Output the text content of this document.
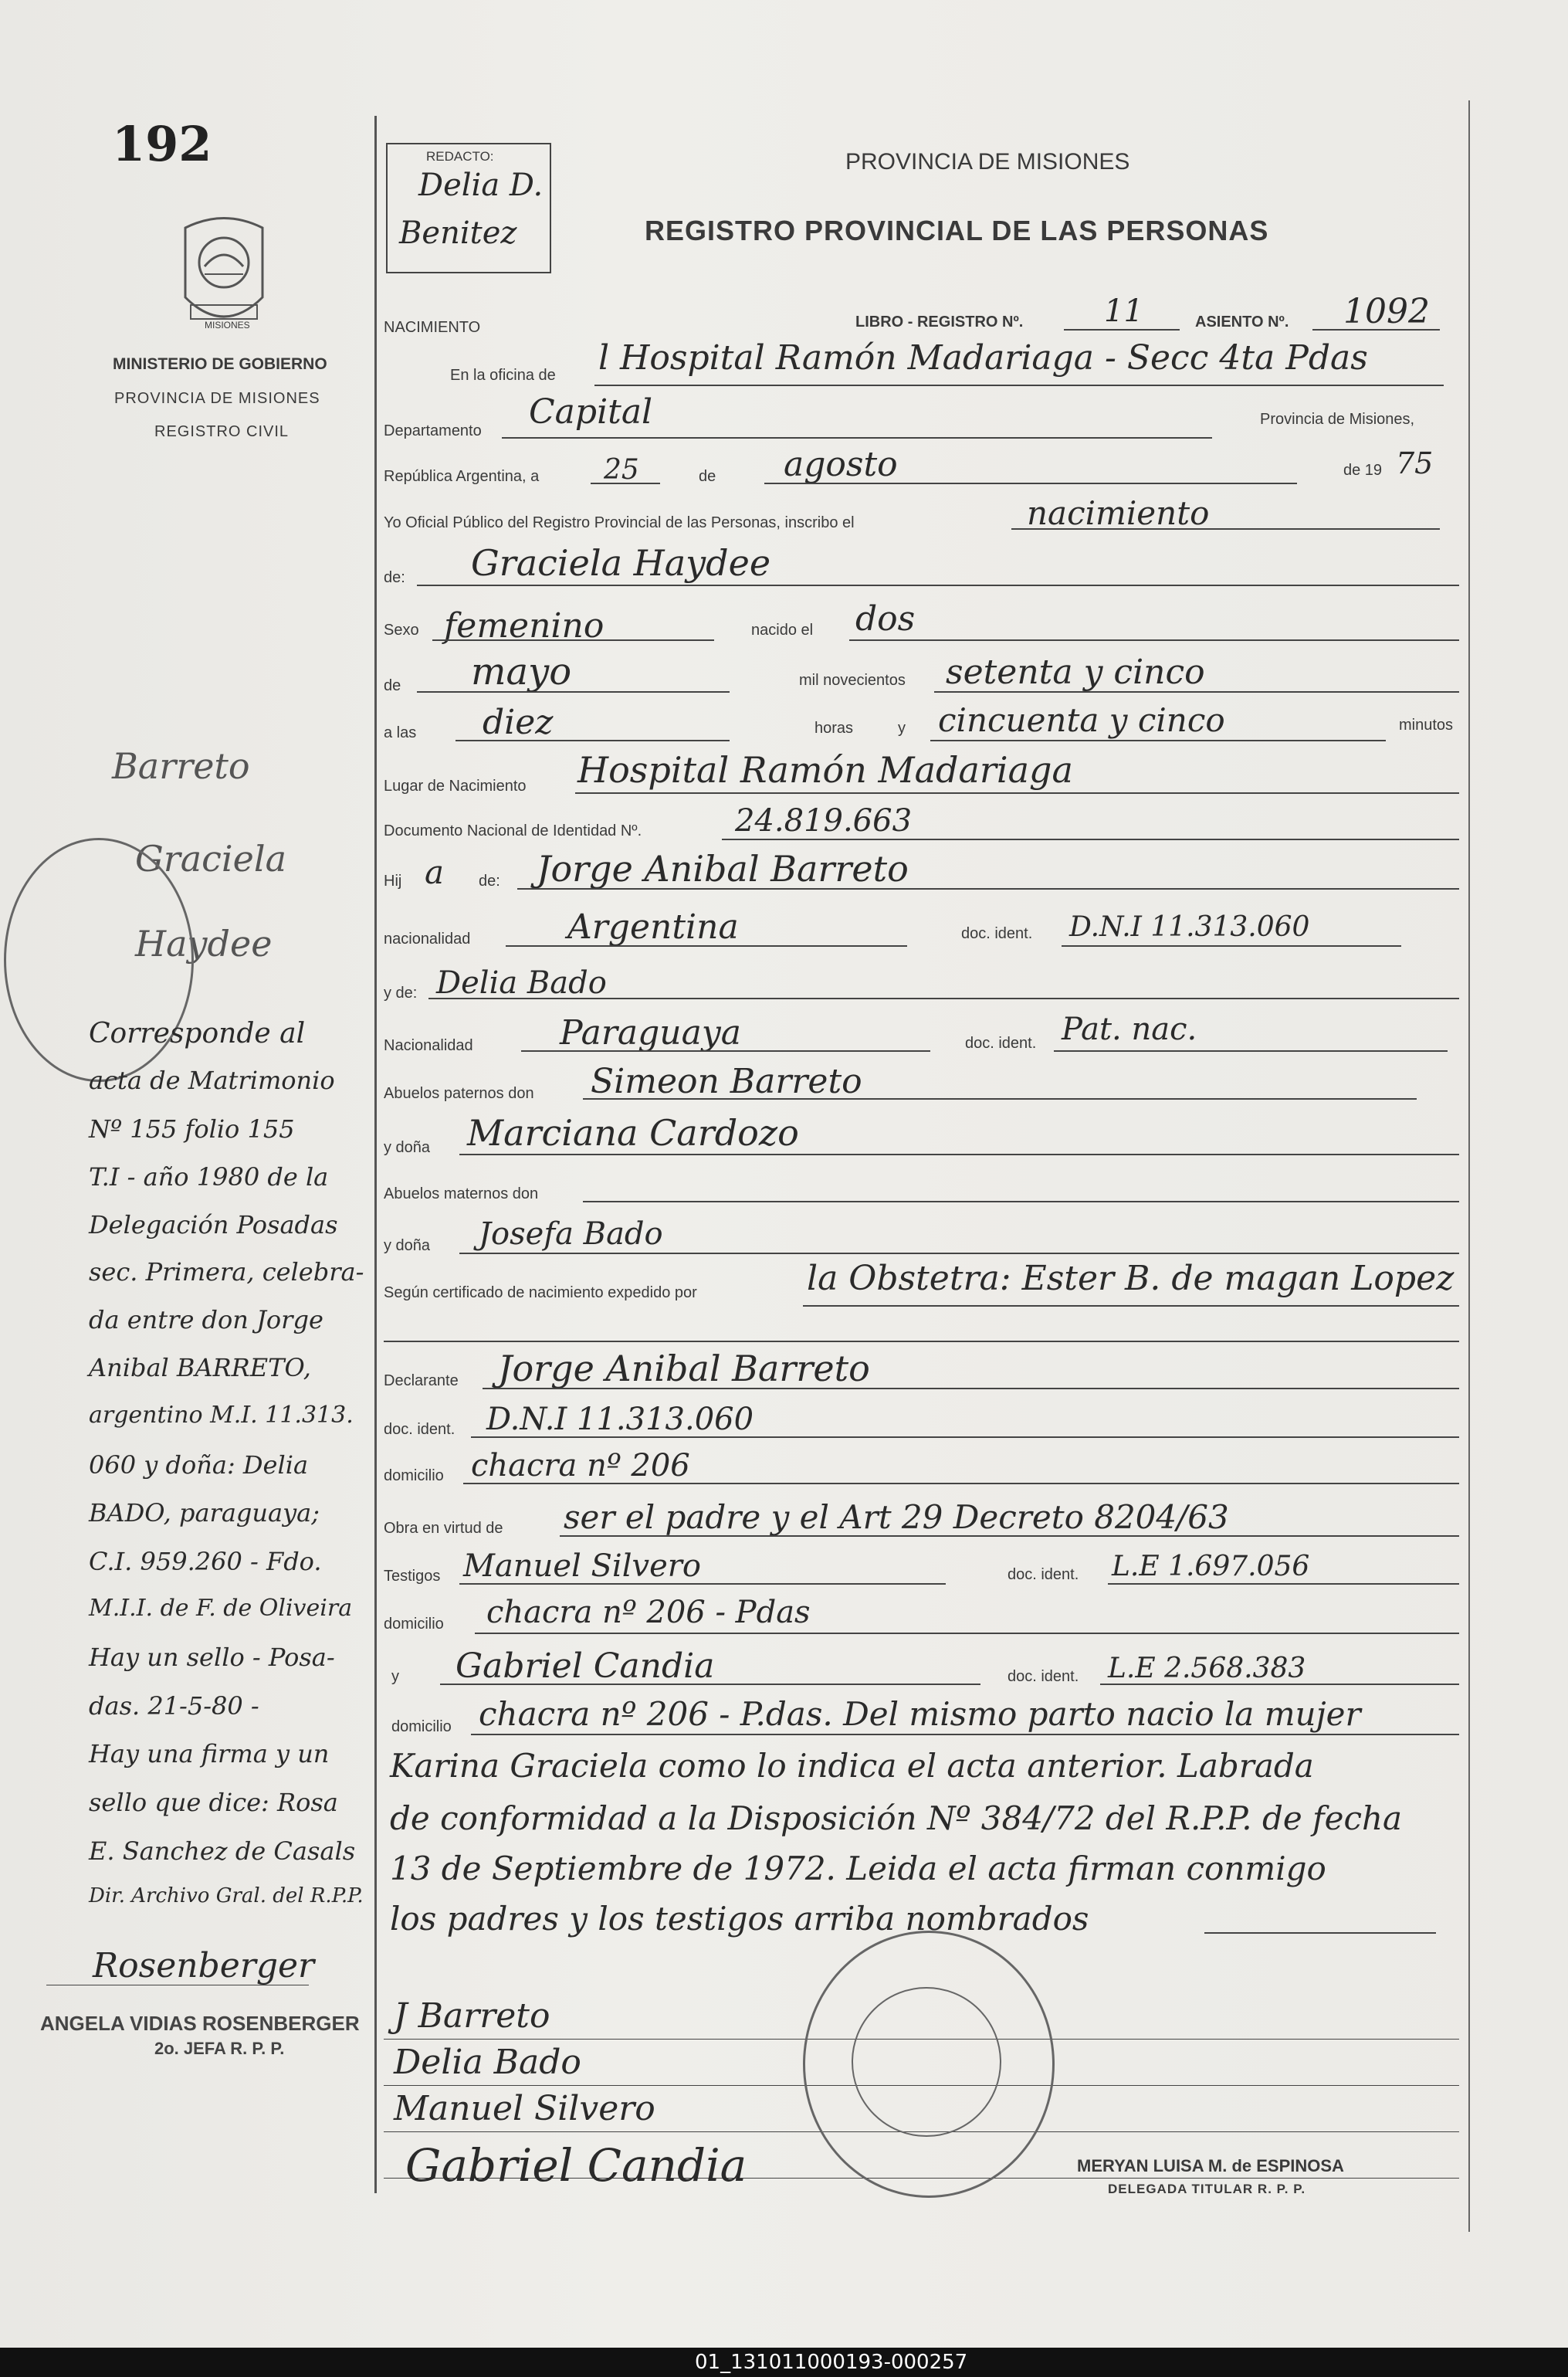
192
MISIONES
MINISTERIO DE GOBIERNO
PROVINCIA DE MISIONES
REGISTRO CIVIL
REDACTO:
Delia D.
Benitez
PROVINCIA DE MISIONES
REGISTRO PROVINCIAL DE LAS PERSONAS
NACIMIENTO	LIBRO - REGISTRO Nº.	11	ASIENTO Nº. 1092
En la oficina de l Hospital Ramón Madariaga - Secc 4ta Pdas
Departamento Capital	Provincia de Misiones,
República Argentina, a 25	de agosto	de 19 75
Yo Oficial Público del Registro Provincial de las Personas, inscribo el	nacimiento
de: Graciela Haydee
Sexo femenino	nacido el dos
de mayo	mil novecientos setenta y cinco
a las diez	horas	y cincuenta y cinco	minutos
Lugar de Nacimiento Hospital Ramón Madariaga
Documento Nacional de Identidad Nº.	24.819.663
Hij a de: Jorge Anibal Barreto
nacionalidad	Argentina	doc. ident. D.N.I 11.313.060
y de: Delia Bado
Nacionalidad	Paraguaya	doc. ident. Pat. nac.
Abuelos paternos don Simeon Barreto
y doña Marciana Cardozo
Abuelos maternos don
y doña Josefa Bado
Según certificado de nacimiento expedido por	la Obstetra: Ester B. de magan Lopez
Declarante Jorge Anibal Barreto
doc. ident. D.N.I 11.313.060
domicilio chacra nº 206
Obra en virtud de ser el padre y el Art 29 Decreto 8204/63
Testigos Manuel Silvero	doc. ident. L.E 1.697.056
domicilio chacra nº 206 - Pdas
y Gabriel Candia	doc. ident. L.E 2.568.383
domicilio chacra nº 206 - P.das. Del mismo parto nacio la mujer
Karina Graciela como lo indica el acta anterior. Labrada
de conformidad a la Disposición Nº 384/72 del R.P.P. de fecha
13 de Septiembre de 1972. Leida el acta firman conmigo
los padres y los testigos arriba nombrados
J Barreto
Delia Bado
Manuel Silvero
Gabriel Candia	MERYAN LUISA M. de ESPINOSA
DELEGADA TITULAR R. P. P.
Barreto
Graciela
Haydee
Corresponde al
acta de Matrimonio
Nº 155 folio 155
T.I - año 1980 de la
Delegación Posadas
sec. Primera, celebra-
da entre don Jorge
Anibal BARRETO,
argentino M.I. 11.313.
060 y doña: Delia
BADO, paraguaya;
C.I. 959.260 - Fdo.
M.I.I. de F. de Oliveira
Hay un sello - Posa-
das. 21-5-80 -
Hay una firma y un
sello que dice: Rosa
E. Sanchez de Casals
Dir. Archivo Gral. del R.P.P.
Rosenberger
ANGELA VIDIAS ROSENBERGER
2o. JEFA R. P. P.
01_131011000193-000257
